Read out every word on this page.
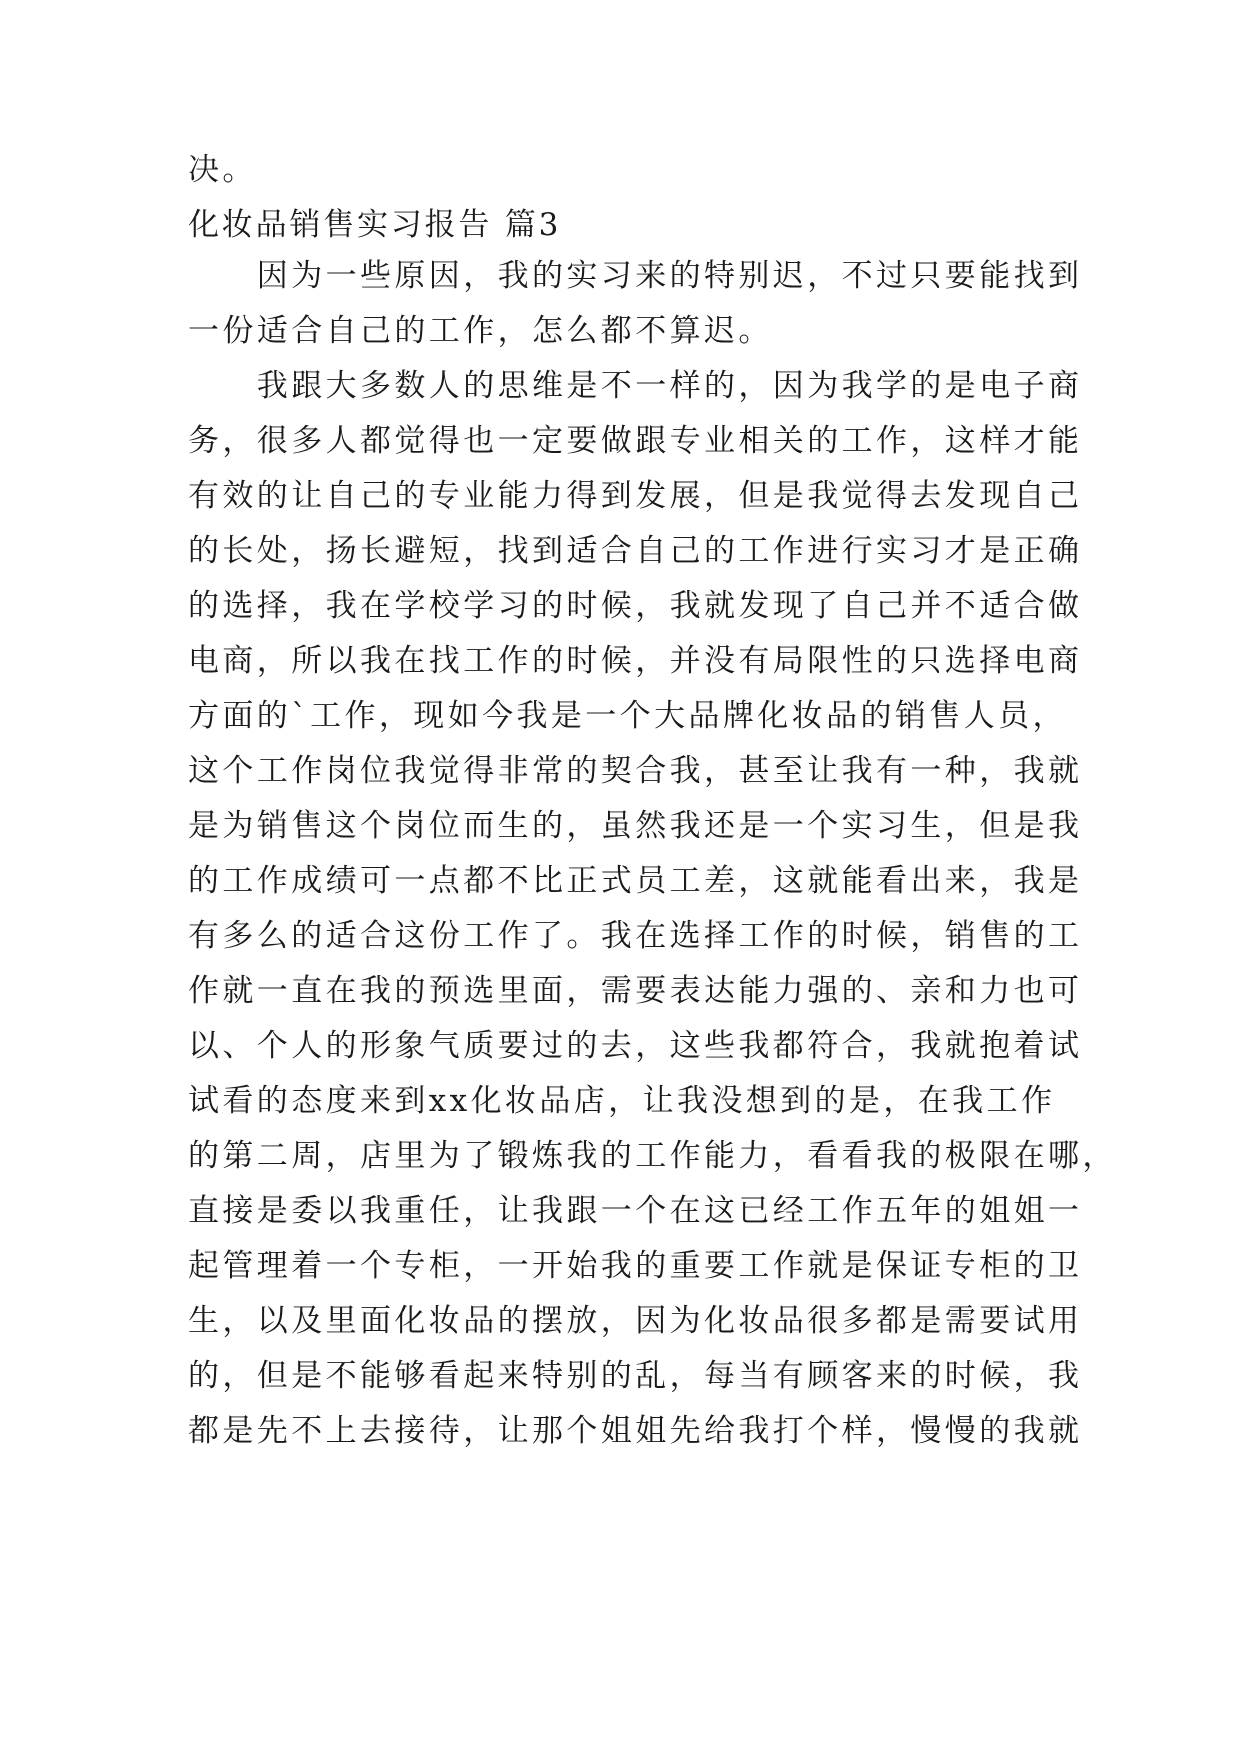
决。
化妆品销售实习报告 篇3
　　因为一些原因，我的实习来的特别迟，不过只要能找到
一份适合自己的工作，怎么都不算迟。
　　我跟大多数人的思维是不一样的，因为我学的是电子商
务，很多人都觉得也一定要做跟专业相关的工作，这样才能
有效的让自己的专业能力得到发展，但是我觉得去发现自己
的长处，扬长避短，找到适合自己的工作进行实习才是正确
的选择，我在学校学习的时候，我就发现了自己并不适合做
电商，所以我在找工作的时候，并没有局限性的只选择电商
方面的`工作，现如今我是一个大品牌化妆品的销售人员，
这个工作岗位我觉得非常的契合我，甚至让我有一种，我就
是为销售这个岗位而生的，虽然我还是一个实习生，但是我
的工作成绩可一点都不比正式员工差，这就能看出来，我是
有多么的适合这份工作了。我在选择工作的时候，销售的工
作就一直在我的预选里面，需要表达能力强的、亲和力也可
以、个人的形象气质要过的去，这些我都符合，我就抱着试
试看的态度来到xx化妆品店，让我没想到的是，在我工作
的第二周，店里为了锻炼我的工作能力，看看我的极限在哪，
直接是委以我重任，让我跟一个在这已经工作五年的姐姐一
起管理着一个专柜，一开始我的重要工作就是保证专柜的卫
生，以及里面化妆品的摆放，因为化妆品很多都是需要试用
的，但是不能够看起来特别的乱，每当有顾客来的时候，我
都是先不上去接待，让那个姐姐先给我打个样，慢慢的我就
